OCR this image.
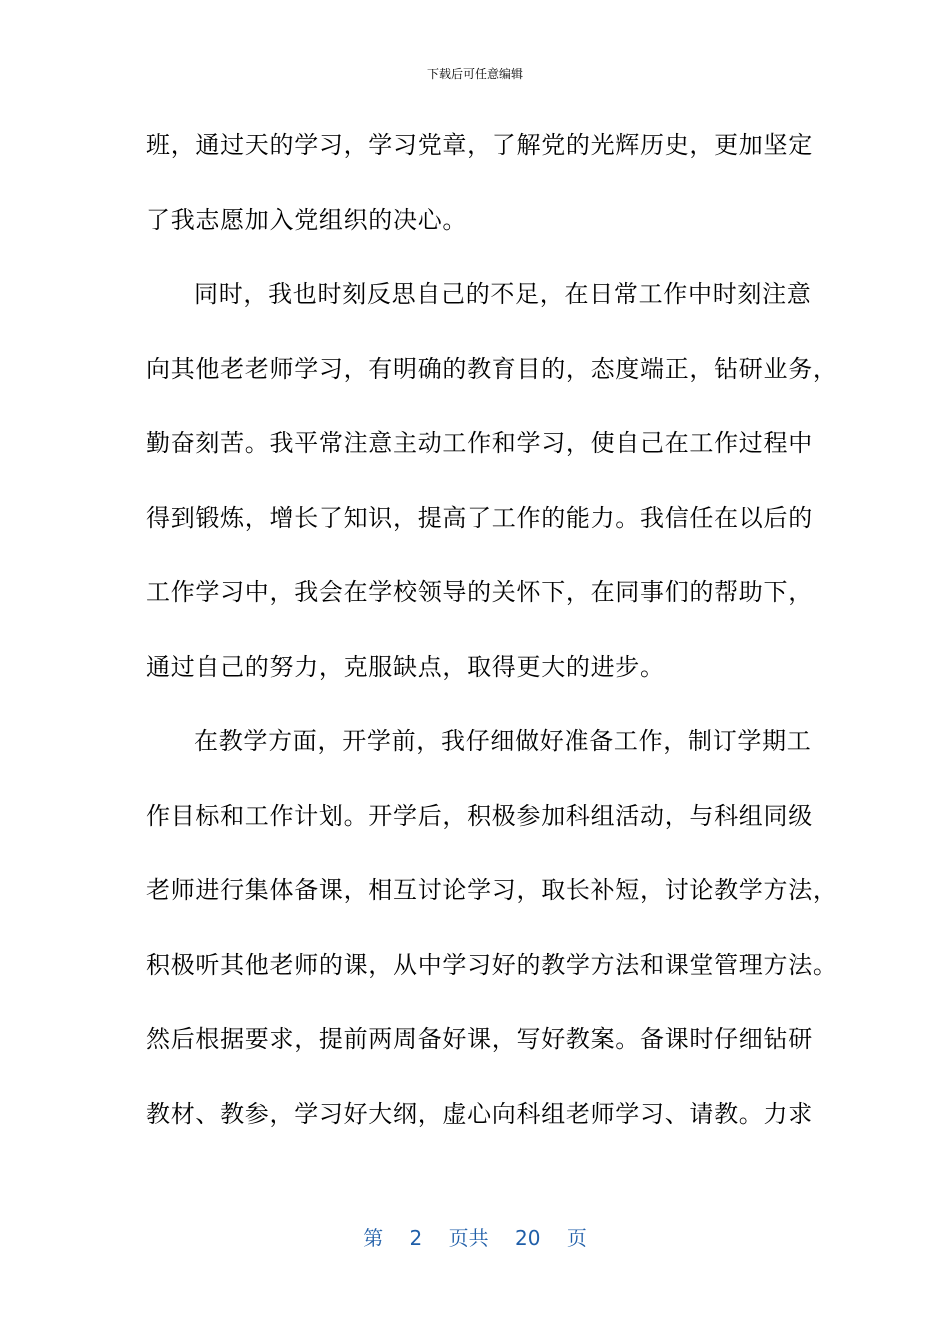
下载后可任意编辑
班，通过天的学习，学习党章，了解党的光辉历史，更加坚定
了我志愿加入党组织的决心。
同时，我也时刻反思自己的不足，在日常工作中时刻注意
向其他老老师学习，有明确的教育目的，态度端正，钻研业务，
勤奋刻苦。我平常注意主动工作和学习，使自己在工作过程中
得到锻炼，增长了知识，提高了工作的能力。我信任在以后的
工作学习中，我会在学校领导的关怀下，在同事们的帮助下，
通过自己的努力，克服缺点，取得更大的进步。
在教学方面，开学前，我仔细做好准备工作，制订学期工
作目标和工作计划。开学后，积极参加科组活动，与科组同级
老师进行集体备课，相互讨论学习，取长补短，讨论教学方法，
积极听其他老师的课，从中学习好的教学方法和课堂管理方法。
然后根据要求，提前两周备好课，写好教案。备课时仔细钻研
教材、教参，学习好大纲，虚心向科组老师学习、请教。力求
第 2 页共 20 页
